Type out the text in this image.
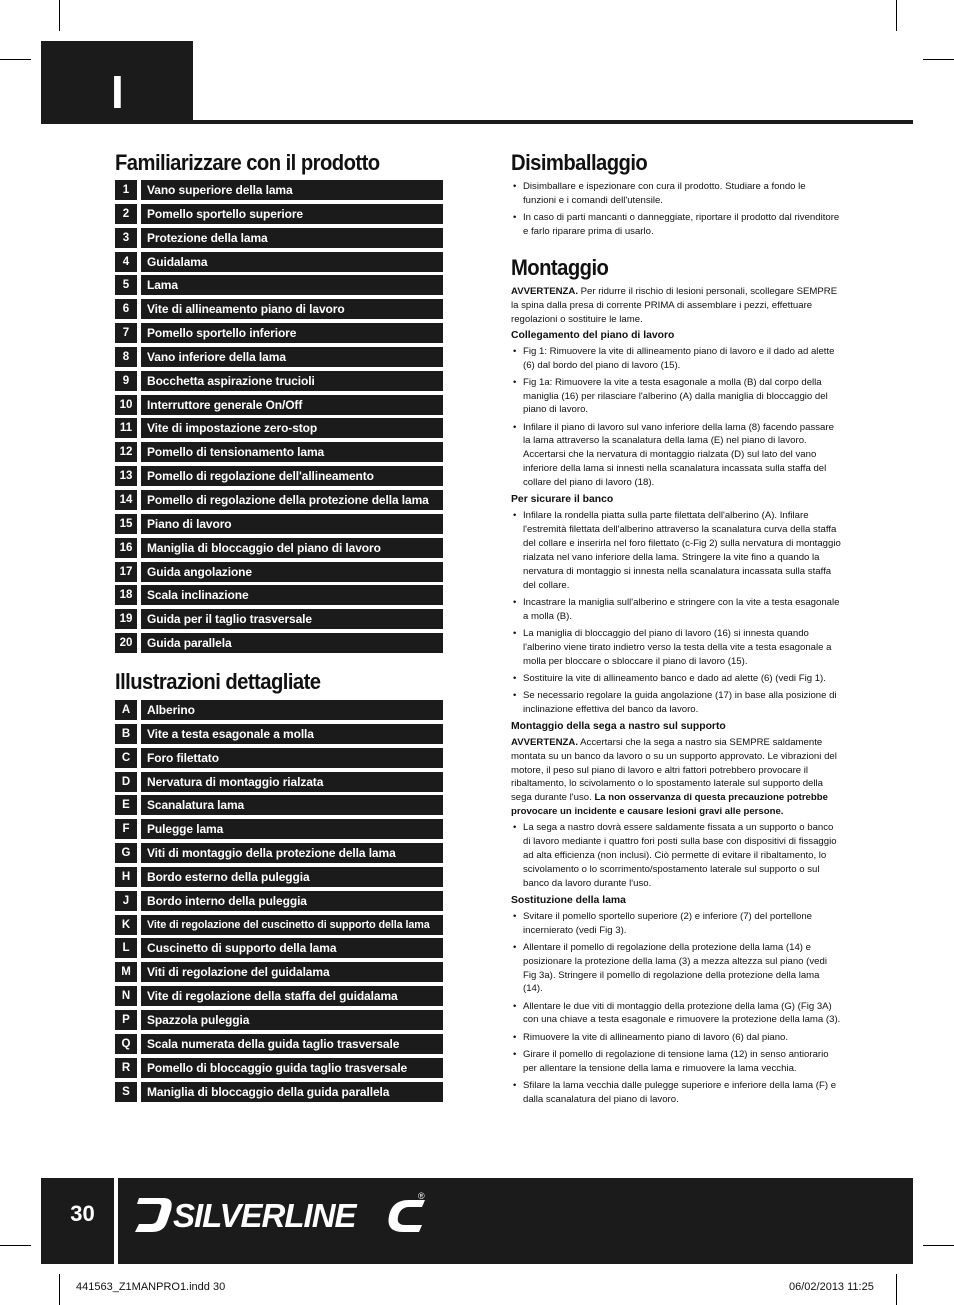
I
Familiarizzare con il prodotto
1	Vano superiore della lama
2	Pomello sportello superiore
3	Protezione della lama
4	Guidalama
5	Lama
6	Vite di allineamento piano di lavoro
7	Pomello sportello inferiore
8	Vano inferiore della lama
9	Bocchetta aspirazione trucioli
10	Interruttore generale On/Off
11	Vite di impostazione zero-stop
12	Pomello di tensionamento lama
13	Pomello di regolazione dell'allineamento
14	Pomello di regolazione della protezione della lama
15	Piano di lavoro
16	Maniglia di bloccaggio del piano di lavoro
17	Guida angolazione
18	Scala inclinazione
19	Guida per il taglio trasversale
20	Guida parallela
Illustrazioni dettagliate
A	Alberino
B	Vite a testa esagonale a molla
C	Foro filettato
D	Nervatura di montaggio rialzata
E	Scanalatura lama
F	Pulegge lama
G	Viti di montaggio della protezione della lama
H	Bordo esterno della puleggia
J	Bordo interno della puleggia
K	Vite di regolazione del cuscinetto di supporto della lama
L	Cuscinetto di supporto della lama
M	Viti di regolazione del guidalama
N	Vite di regolazione della staffa del guidalama
P	Spazzola puleggia
Q	Scala numerata della guida taglio trasversale
R	Pomello di bloccaggio guida taglio trasversale
S	Maniglia di bloccaggio della guida parallela
Disimballaggio
• Disimballare e ispezionare con cura il prodotto. Studiare a fondo le funzioni e i comandi dell'utensile.
• In caso di parti mancanti o danneggiate, riportare il prodotto dal rivenditore e farlo riparare prima di usarlo.
Montaggio

AVVERTENZA. Per ridurre il rischio di lesioni personali, scollegare SEMPRE la spina dalla presa di corrente PRIMA di assemblare i pezzi, effettuare regolazioni o sostituire le lame.

Collegamento del piano di lavoro
• Fig 1: Rimuovere la vite di allineamento piano di lavoro e il dado ad alette (6) dal bordo del piano di lavoro (15).
• Fig 1a: Rimuovere la vite a testa esagonale a molla (B) dal corpo della maniglia (16) per rilasciare l'alberino (A) dalla maniglia di bloccaggio del piano di lavoro.
• Infilare il piano di lavoro sul vano inferiore della lama (8) facendo passare la lama attraverso la scanalatura della lama (E) nel piano di lavoro. Accertarsi che la nervatura di montaggio rialzata (D) sul lato del vano inferiore della lama si innesti nella scanalatura incassata sulla staffa del collare del piano di lavoro (18).
Per sicurare il banco
• Infilare la rondella piatta sulla parte filettata dell'alberino (A). Infilare l'estremità filettata dell'alberino attraverso la scanalatura curva della staffa del collare e inserirla nel foro filettato (c-Fig 2) sulla nervatura di montaggio rialzata nel vano inferiore della lama. Stringere la vite fino a quando la nervatura di montaggio si innesta nella scanalatura incassata sulla staffa del collare.
• Incastrare la maniglia sull'alberino e stringere con la vite a testa esagonale a molla (B).
• La maniglia di bloccaggio del piano di lavoro (16) si innesta quando l'alberino viene tirato indietro verso la testa della vite a testa esagonale a molla per bloccare o sbloccare il piano di lavoro (15).
• Sostituire la vite di allineamento banco e dado ad alette (6) (vedi Fig 1).
• Se necessario regolare la guida angolazione (17) in base alla posizione di inclinazione effettiva del banco da lavoro.
Montaggio della sega a nastro sul supporto

AVVERTENZA. Accertarsi che la sega a nastro sia SEMPRE saldamente montata su un banco da lavoro o su un supporto approvato. Le vibrazioni del motore, il peso sul piano di lavoro e altri fattori potrebbero provocare il ribaltamento, lo scivolamento o lo spostamento laterale sul supporto della sega durante l'uso. La non osservanza di questa precauzione potrebbe provocare un incidente e causare lesioni gravi alle persone.

• La sega a nastro dovrà essere saldamente fissata a un supporto o banco di lavoro mediante i quattro fori posti sulla base con dispositivi di fissaggio ad alta efficienza (non inclusi). Ciò permette di evitare il ribaltamento, lo scivolamento o lo scorrimento/spostamento laterale sul supporto o sul banco da lavoro durante l'uso.
Sostituzione della lama
• Svitare il pomello sportello superiore (2) e inferiore (7) del portellone incernierato (vedi Fig 3).
• Allentare il pomello di regolazione della protezione della lama (14) e posizionare la protezione della lama (3) a mezza altezza sul piano (vedi Fig 3a). Stringere il pomello di regolazione della protezione della lama (14).
• Allentare le due viti di montaggio della protezione della lama (G) (Fig 3A) con una chiave a testa esagonale e rimuovere la protezione della lama (3).
• Rimuovere la vite di allineamento piano di lavoro (6) dal piano.
• Girare il pomello di regolazione di tensione lama (12) in senso antiorario per allentare la tensione della lama e rimuovere la lama vecchia.
• Sfilare la lama vecchia dalle pulegge superiore e inferiore della lama (F) e dalla scanalatura del piano di lavoro.
30	SILVERLINE
®
441563_Z1MANPRO1.indd 30	06/02/2013 11:25
